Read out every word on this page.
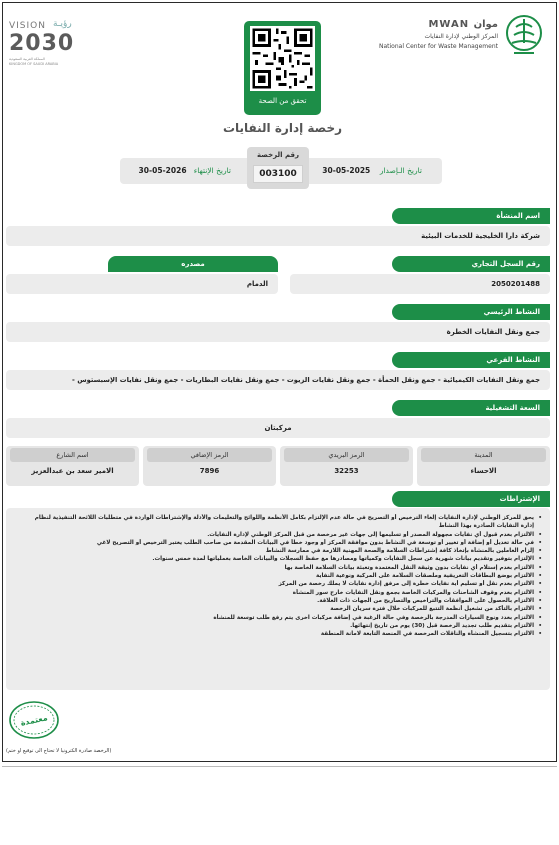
MWAN موان
المركز الوطني لإدارة النفايات
National Center for Waste Management
VISION رؤيـة
2030
المملكة العربية السعودية
KINGDOM OF SAUDI ARABIA
تحقق من الصحة
رخصة إدارة النفايات
تاريخ الـإصدار    2025-05-30
تاريخ الإنتهاء   2026-05-30
رقم الرخصة
003100
اسم المنشأة
شركة دارا الخليجية للخدمات البيئية
رقم السجل التجاري
2050201488
مصدره
الدمام
النشاط الرئيسي
جمع ونقل النفايات الخطرة
النشاط الفرعي
جمع ونقل النفايات الكيميائية - جمع ونقل الحمأة - جمع ونقل نفايات الزيوت - جمع ونقل نفايات البطاريات - جمع ونقل نفايات الإسبستوس -
السعة التشغيلية
مركبتان
المدينة
الاحساء
الرمز البريدي
32253
الرمز الإضافي
7896
اسم الشارع
الامير سعد بن عبدالعزيز
الإشتراطات
•يحق للمركز الوطني لإدارة النفايات إلغاء الترخيص أو التصريح في حالة عدم الإلتزام بكامل الأنظمة واللوائح والتعليمات والأدلة والإشتراطات الواردة في متطلبات اللائحة التنفيذية لنظام
إدارة النفايات الصادرة بهذا النشاط
•الالتزام بعدم قبول أي نفايات مجهولة المصدر أو تسليمها إلى جهات غير مرخصة من قبل المركز الوطني لإدارة النفايات.
•في حالة تعديل أو إضافة أو تغيير أو توسعة في النشاط بدون موافقة المركز أو وجود خطأ في البيانات المقدمة من صاحب الطلب يعتبر الترخيص أو التصريح لاغي
•إلزام العاملين بالمنشأة بإتخاذ كافة إشتراطات السلامة والصحة المهنية اللازمة في ممارسة النشاط
•الإلتزام بتوفير وتقديم بيانات شهرية عن سجل النفايات وكمياتها ومصادرها مع حفظ السجلات والبيانات الخاصة بعملياتها لمدة خمس سنوات.
•الالتزام بعدم إستلام أي نفايات بدون وثيقة النقل المعتمدة وتعبئة بيانات السلامة الخاصة بها
•الالتزام بوضع البطاقات التعريفية وملصقات السلامة على المركبة ونوعية النفاية
•الالتزام بعدم نقل أو تسليم أية نفايات خطرة إلى مرفق إدارة نفايات لا يملك رخصة من المركز
•الالتزام بعدم وقوف الشاحنات والمركبات الخاصة بجمع ونقل النفايات خارج سور المنشأة
•الالتزام بالحصول على الموافقات والتراخيص والتصاريح من الجهات ذات العلاقة.
•الالتزام بالتأكد من تشغيل أنظمة التتبع للمركبات خلال فترة سريان الرخصة
•الالتزام بعدد ونوع السيارات المدرجة بالرخصة وفي حالة الرغبة في إضافة مركبات اخرى يتم رفع طلب توسعة للمنشأة
•الالتزام بتقديم طلب تجديد الرخصة قبل (30) يوم من تاريخ إنتهائها.
•الالتزام بتسجيل المنشأة والناقلات المرخصة في المنصة التابعة لامانة المنطقة
معتمدة
(الرخصة صادرة الكترونيا لا تحتاج الى توقيع او ختم)
